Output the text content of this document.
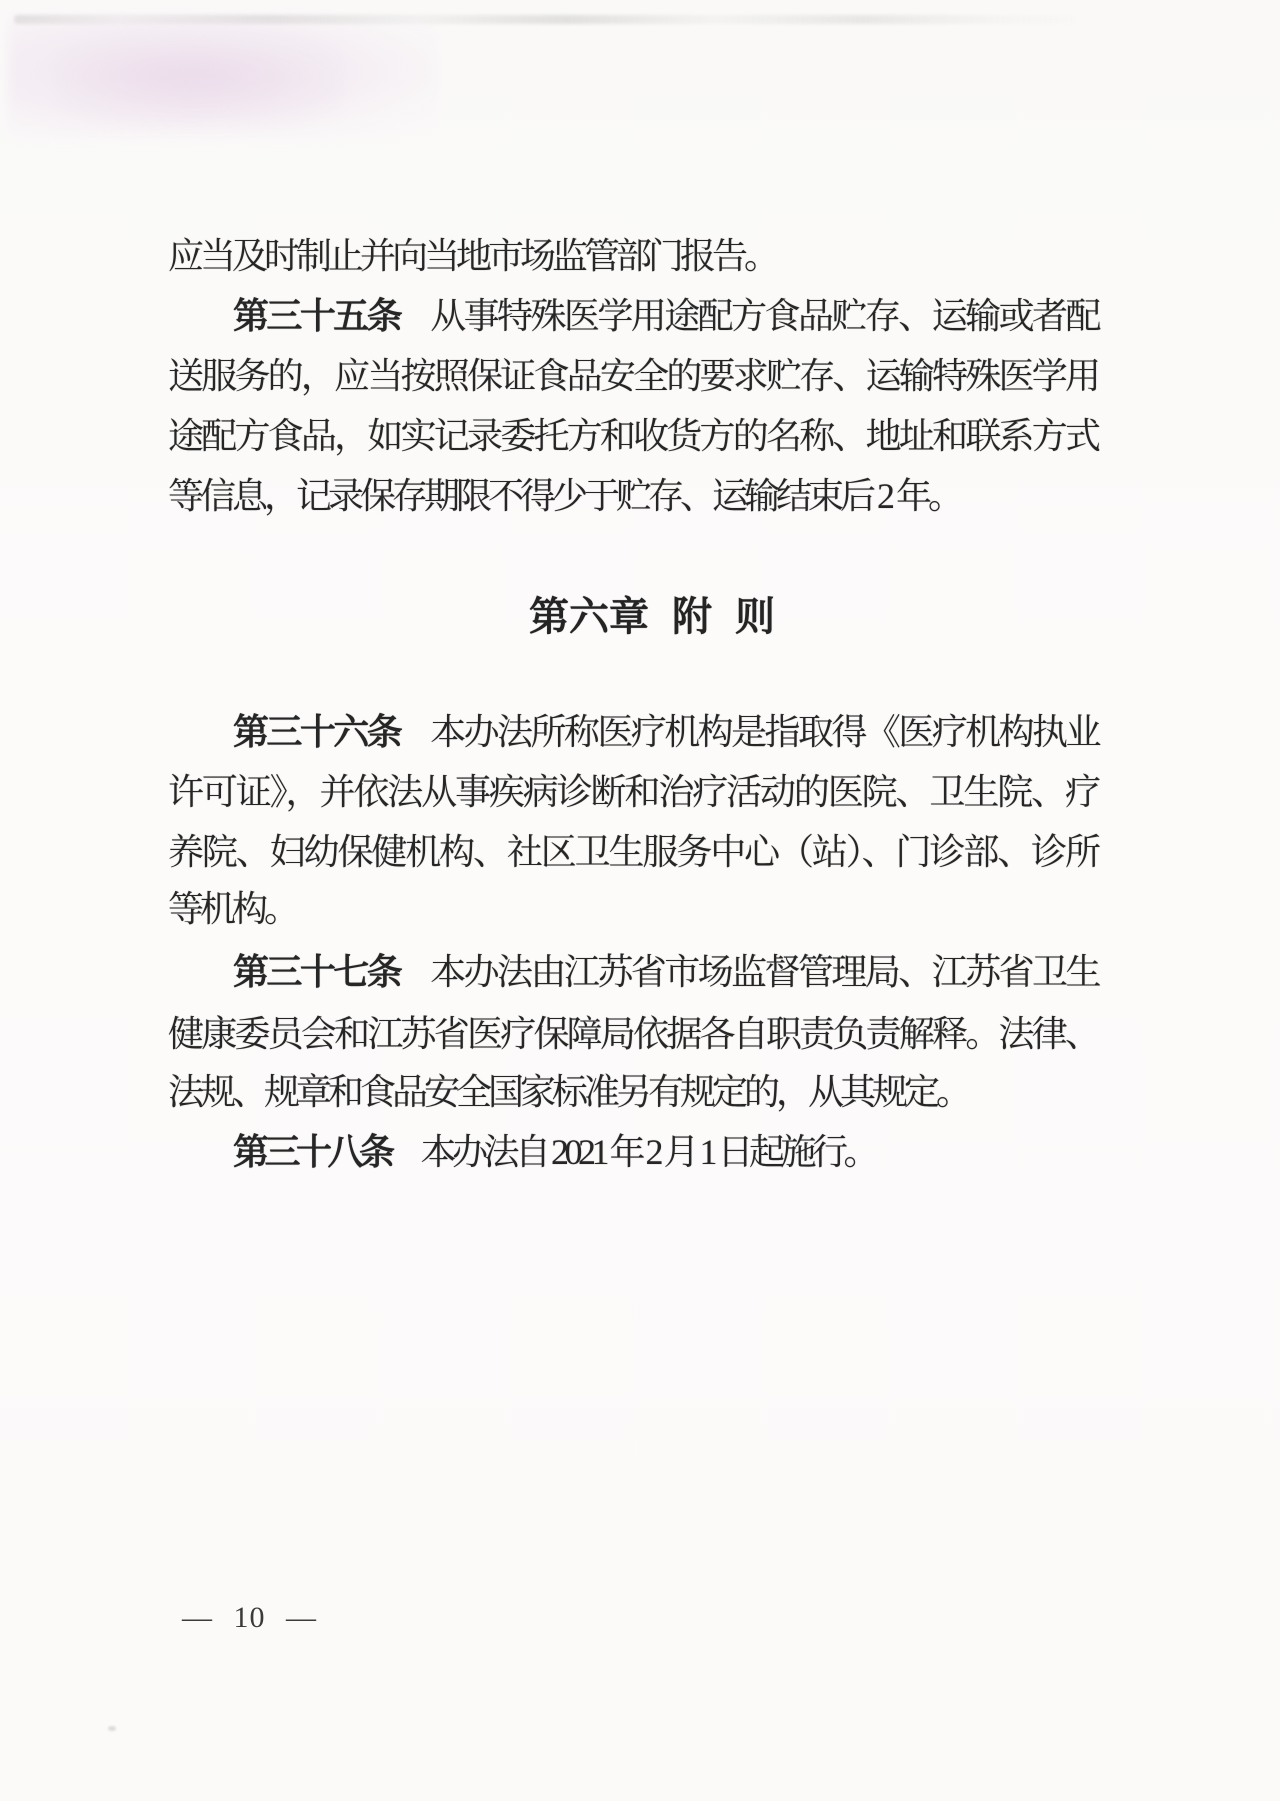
应当及时制止并向当地市场监管部门报告。
第三十五条 从事特殊医学用途配方食品贮存、运输或者配
送服务的，应当按照保证食品安全的要求贮存、运输特殊医学用
途配方食品，如实记录委托方和收货方的名称、地址和联系方式
等信息，记录保存期限不得少于贮存、运输结束后 2 年。
第六章 附 则
第三十六条 本办法所称医疗机构是指取得《医疗机构执业
许可证》，并依法从事疾病诊断和治疗活动的医院、卫生院、疗
养院、妇幼保健机构、社区卫生服务中心（站）、门诊部、诊所
等机构。
第三十七条 本办法由江苏省市场监督管理局、江苏省卫生
健康委员会和江苏省医疗保障局依据各自职责负责解释。法律、
法规、规章和食品安全国家标准另有规定的，从其规定。
第三十八条 本办法自 2021 年 2 月 1 日起施行。
— 10 —
